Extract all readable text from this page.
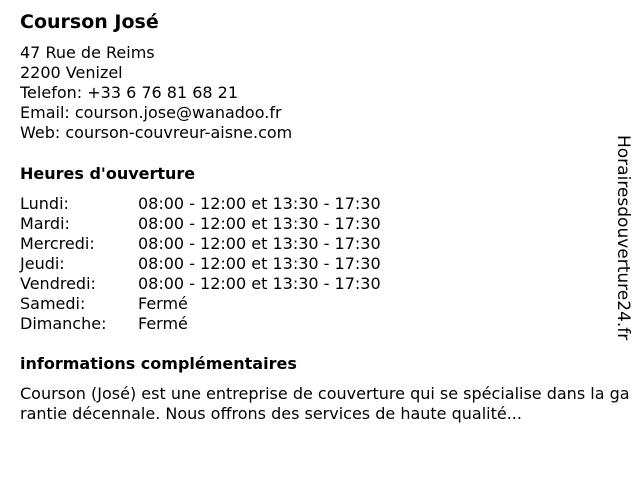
Courson José
47 Rue de Reims
2200 Venizel
Telefon: +33 6 76 81 68 21
Email: courson.jose@wanadoo.fr
Web: courson-couvreur-aisne.com
Heures d'ouverture
Lundi:	08:00 - 12:00 et 13:30 - 17:30
Mardi:	08:00 - 12:00 et 13:30 - 17:30
Mercredi:	08:00 - 12:00 et 13:30 - 17:30
Jeudi:	08:00 - 12:00 et 13:30 - 17:30
Vendredi:	08:00 - 12:00 et 13:30 - 17:30
Samedi:	Fermé
Dimanche:	Fermé
informations complémentaires
Courson (José) est une entreprise de couverture qui se spécialise dans la garantie décennale. Nous offrons des services de haute qualité...
Horairesdouverture24.fr
